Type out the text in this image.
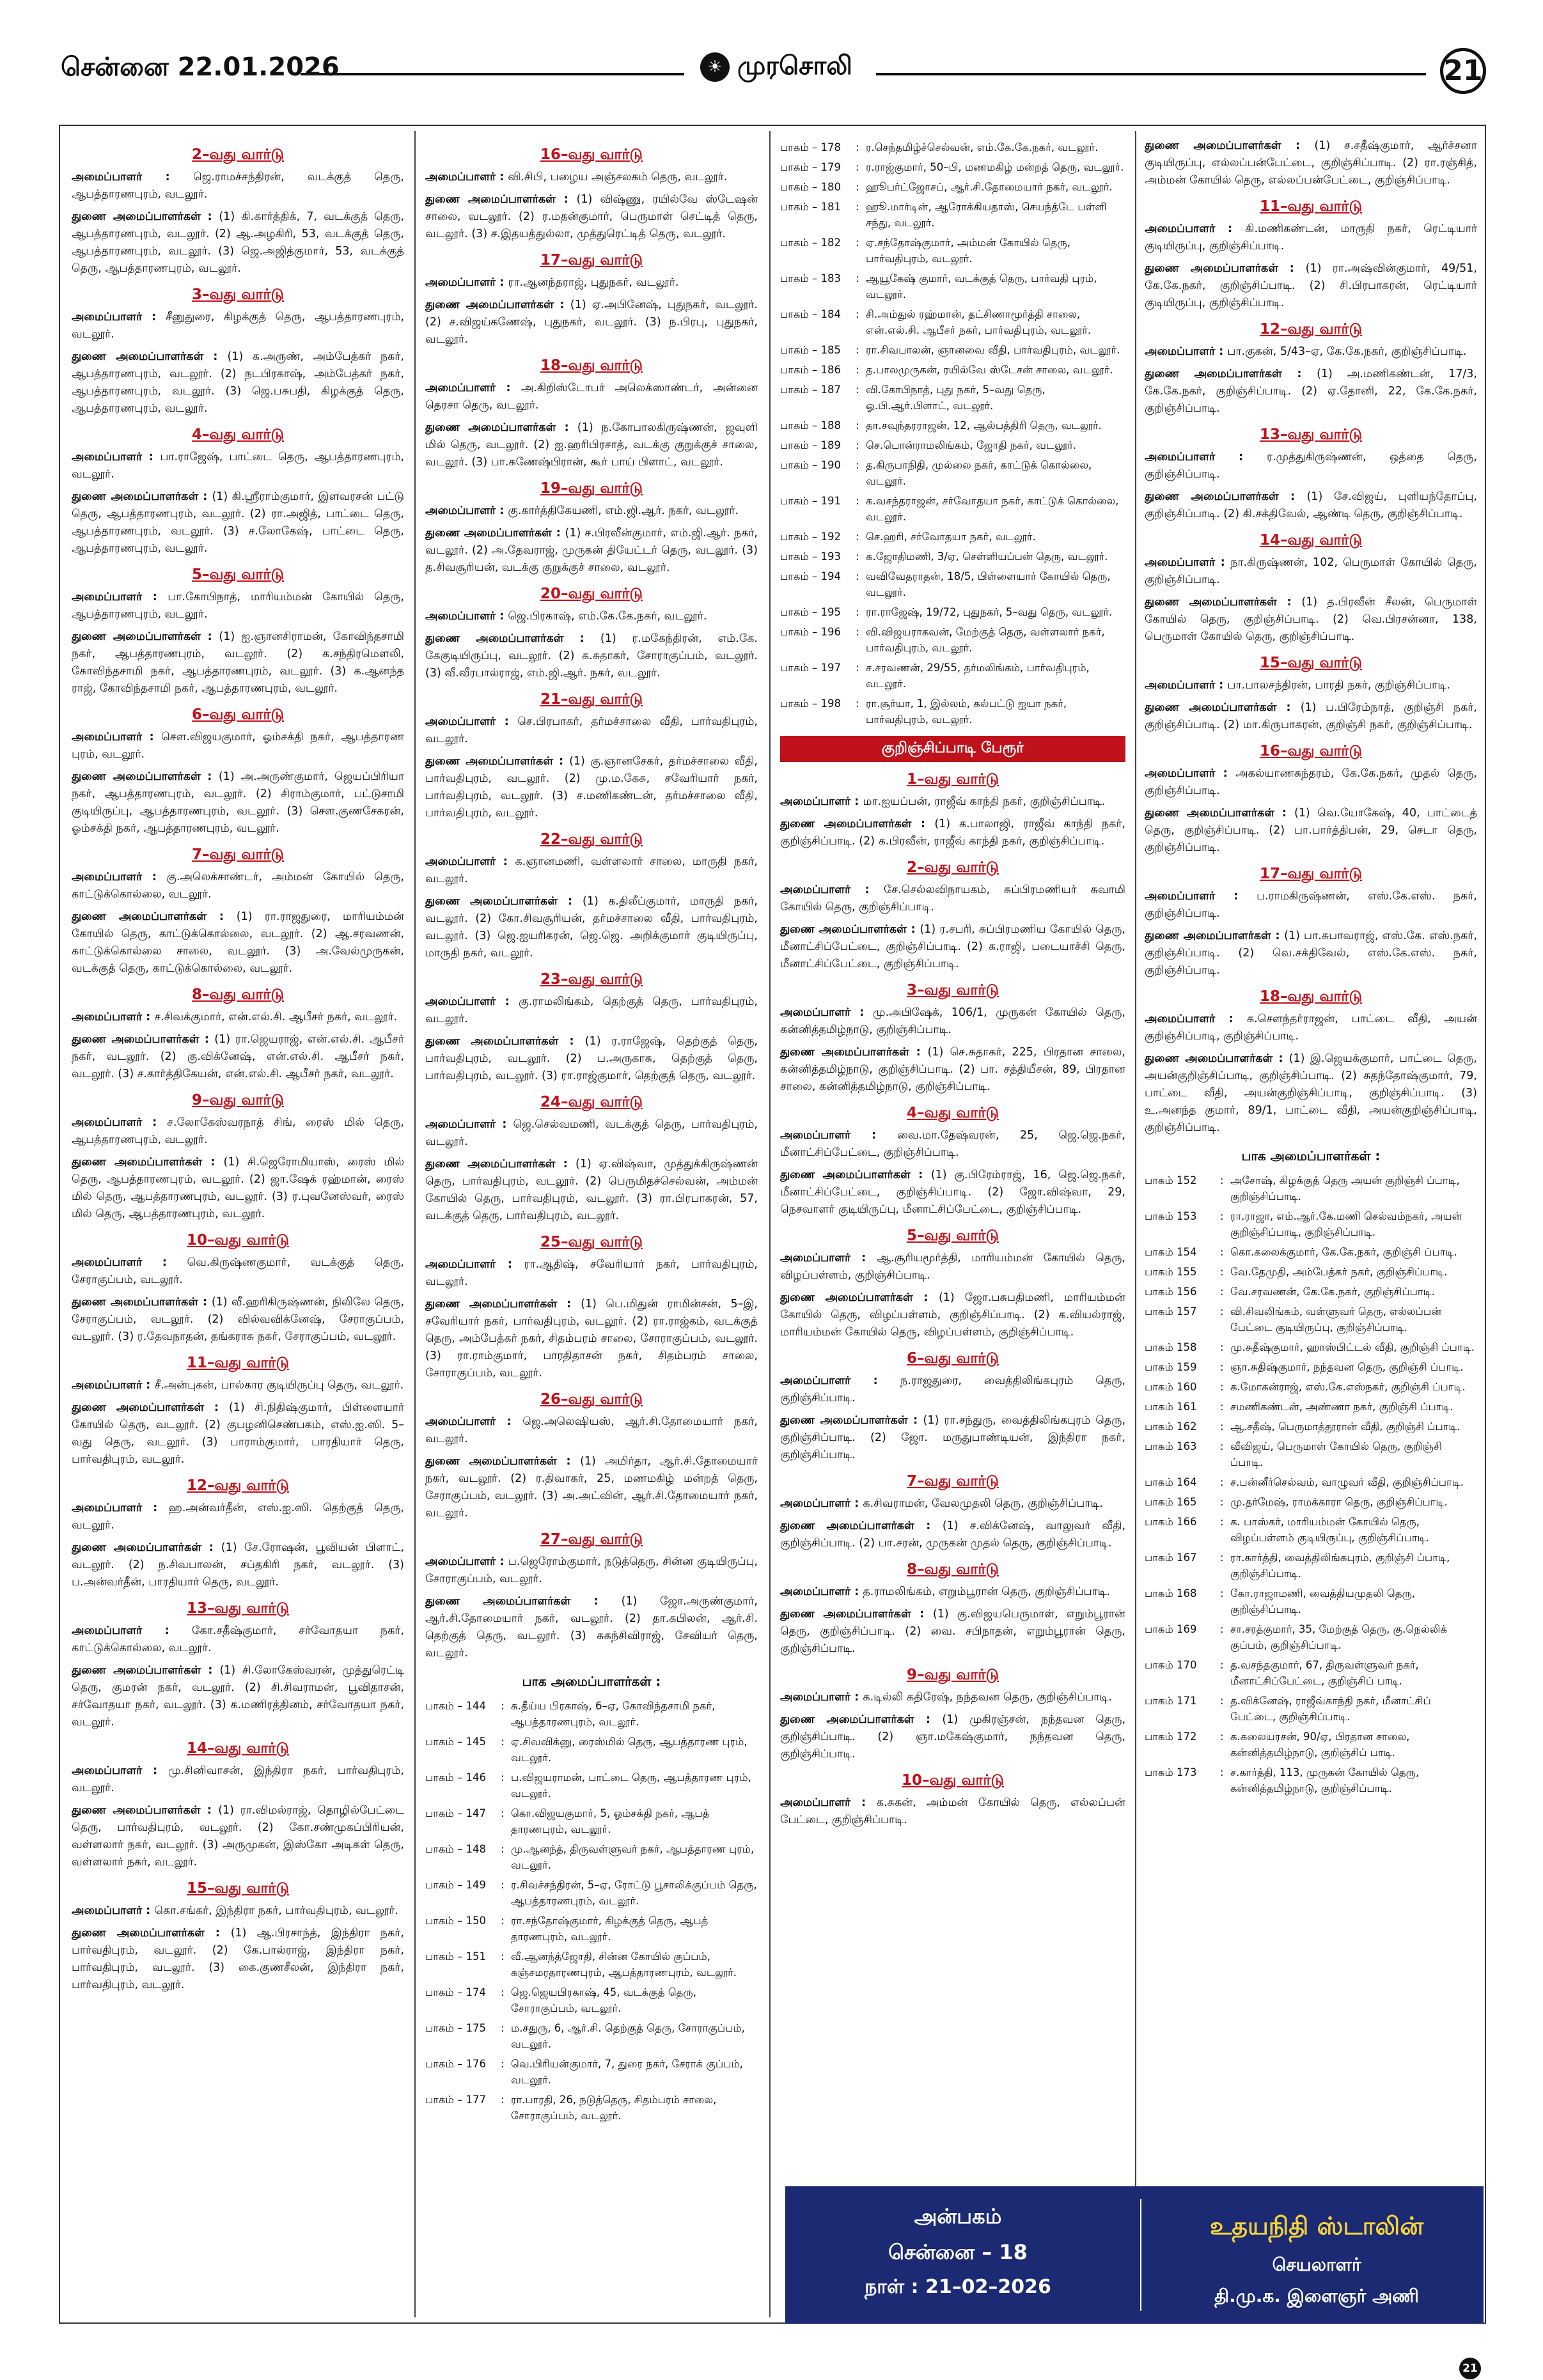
சென்னை 22.01.2026	☀ முரசொலி	21
2–வது வார்டு
அமைப்பாளர் : ஜெ.ராமச்சந்திரன், வடக்குத் தெரு, ஆபத்தாரணபுரம், வடலூர்.
துணை அமைப்பாளர்கள் : (1) கி.கார்த்திக், 7, வடக்குத் தெரு, ஆபத்தாரணபுரம், வடலூர். (2) ஆ.அழகிரி, 53, வடக்குத் தெரு, ஆபத்தாரணபுரம், வடலூர். (3) ஜெ.அஜித்குமார், 53, வடக்குத் தெரு, ஆபத்தாரணபுரம், வடலூர்.
3–வது வார்டு
அமைப்பாளர் : சீனுதுரை, கிழக்குத் தெரு, ஆபத்தாரணபுரம், வடலூர்.
துணை அமைப்பாளர்கள் : (1) க.அருண், அம்பேத்கர் நகர், ஆபத்தாரணபுரம், வடலூர். (2) நடபிரகாஷ், அம்பேத்கர் நகர், ஆபத்தாரணபுரம், வடலூர். (3) ஜெ.பசுபதி, கிழக்குத் தெரு, ஆபத்தாரணபுரம், வடலூர்.
4–வது வார்டு
அமைப்பாளர் : பா.ராஜேஷ், பாட்டை தெரு, ஆபத்தாரணபுரம், வடலூர்.
துணை அமைப்பாளர்கள் : (1) கி.ஸ்ரீராம்குமார், இளவரசன் பட்டு தெரு, ஆபத்தாரணபுரம், வடலூர். (2) ரா.அஜித், பாட்டை தெரு, ஆபத்தாரணபுரம், வடலூர். (3) ச.லோகேஷ், பாட்டை தெரு, ஆபத்தாரணபுரம், வடலூர்.
5–வது வார்டு
அமைப்பாளர் : பா.கோபிநாத், மாரியம்மன் கோயில் தெரு, ஆபத்தாரணபுரம், வடலூர்.
துணை அமைப்பாளர்கள் : (1) ஐ.ஞானசிராமன், கோவிந்தசாமி நகர், ஆபத்தாரணபுரம், வடலூர். (2) க.சந்திரமௌலி, கோவிந்தசாமி நகர், ஆபத்தாரணபுரம், வடலூர். (3) க.ஆனந்த ராஜ், கோவிந்தசாமி நகர், ஆபத்தாரணபுரம், வடலூர்.
6–வது வார்டு
அமைப்பாளர் : செள.விஜயகுமார், ஓம்சக்தி நகர், ஆபத்தாரண புரம், வடலூர்.
துணை அமைப்பாளர்கள் : (1) அ.அருண்குமார், ஜெயப்பிரியா நகர், ஆபத்தாரணபுரம், வடலூர். (2) சிராம்குமார், பட்டுசாமி குடியிருப்பு, ஆபத்தாரணபுரம், வடலூர். (3) செள.குணசேகரன், ஓம்சக்தி நகர், ஆபத்தாரணபுரம், வடலூர்.
7–வது வார்டு
அமைப்பாளர் : கு.அலெக்சாண்டர், அம்மன் கோயில் தெரு, காட்டுக்கொல்லை, வடலூர்.
துணை அமைப்பாளர்கள் : (1) ரா.ராஜதுரை, மாரியம்மன் கோயில் தெரு, காட்டுக்கொல்லை, வடலூர். (2) ஆ.சரவணன், காட்டுக்கொல்லை சாலை, வடலூர். (3) அ.வேல்முருகன், வடக்குத் தெரு, காட்டுக்கொல்லை, வடலூர்.
8–வது வார்டு
அமைப்பாளர் : ச.சிவக்குமார், என்.எல்.சி. ஆபீசர் நகர், வடலூர்.
துணை அமைப்பாளர்கள் : (1) ரா.ஜெயராஜ், என்.எல்.சி. ஆபீசர் நகர், வடலூர். (2) கு.விக்னேஷ், என்.எல்.சி. ஆபீசர் நகர், வடலூர். (3) ச.கார்த்திகேயன், என்.எல்.சி. ஆபீசர் நகர், வடலூர்.
9–வது வார்டு
அமைப்பாளர் : ச.லோகேஸ்வரநாத் சிங், ரைஸ் மில் தெரு, ஆபத்தாரணபுரம், வடலூர்.
துணை அமைப்பாளர்கள் : (1) சி.ஜெரோமியாஸ், ரைஸ் மில் தெரு, ஆபத்தாரணபுரம், வடலூர். (2) ஜா.ஷேக் ரஹ்மான், ரைஸ் மில் தெரு, ஆபத்தாரணபுரம், வடலூர். (3) ர.புவனேஸ்வர், ரைஸ் மில் தெரு, ஆபத்தாரணபுரம், வடலூர்.
10–வது வார்டு
அமைப்பாளர் : வெ.கிருஷ்ணகுமார், வடக்குத் தெரு, சேராகுப்பம், வடலூர்.
துணை அமைப்பாளர்கள் : (1) வீ.ஹரிகிருஷ்ணன், நிலிலே தெரு, சேராகுப்பம், வடலூர். (2) வில்வவிக்னேஷ், சேராகுப்பம், வடலூர். (3) ர.தேவநாதன், தங்கராசு நகர், சேராகுப்பம், வடலூர்.
11–வது வார்டு
அமைப்பாளர் : சீ.அன்புகன், பால்கார குடியிருப்பு தெரு, வடலூர்.
துணை அமைப்பாளர்கள் : (1) சி.நிதிஷ்குமார், பிள்ளையார் கோயில் தெரு, வடலூர். (2) குபழனிசெண்பகம், எஸ்.ஐ.ஸி. 5–வது தெரு, வடலூர். (3) பாராம்குமார், பாரதியார் தெரு, பார்வதிபுரம், வடலூர்.
12–வது வார்டு
அமைப்பாளர் : ஹ.அன்வர்தீன், எஸ்.ஐ.ஸி. தெற்குத் தெரு, வடலூர்.
துணை அமைப்பாளர்கள் : (1) சே.ரோஷன், பூவியன் பிளாட், வடலூர். (2) ந.சிவபாலன், சப்தகிரி நகர், வடலூர். (3) ப.அன்வர்தீன், பாரதியார் தெரு, வடலூர்.
13–வது வார்டு
அமைப்பாளர் : கோ.சதீஷ்குமார், சர்வோதயா நகர், காட்டுக்கொல்லை, வடலூர்.
துணை அமைப்பாளர்கள் : (1) சி.லோகேஸ்வரன், முத்துரெட்டி தெரு, குமரன் நகர், வடலூர். (2) சி.சிவராமன், பூவிதாசன், சர்வோதயா நகர், வடலூர். (3) க.மணிரத்தினம், சர்வோதயா நகர், வடலூர்.
14–வது வார்டு
அமைப்பாளர் : மு.சினிவாசன், இந்திரா நகர், பார்வதிபுரம், வடலூர்.
துணை அமைப்பாளர்கள் : (1) ரா.விமல்ராஜ், தொழில்பேட்டை தெரு, பார்வதிபுரம், வடலூர். (2) கோ.சண்முகப்பிரியன், வள்ளலார் நகர், வடலூர். (3) அருமுகன், இஸ்கோ அடிகள் தெரு, வள்ளலார் நகர், வடலூர்.
15–வது வார்டு
அமைப்பாளர் : கொ.சங்கர், இந்திரா நகர், பார்வதிபுரம், வடலூர்.
துணை அமைப்பாளர்கள் : (1) ஆ.பிரசாந்த், இந்திரா நகர், பார்வதிபுரம், வடலூர். (2) கே.பால்ராஜ், இந்திரா நகர், பார்வதிபுரம், வடலூர். (3) கை.குணசீலன், இந்திரா நகர், பார்வதிபுரம், வடலூர்.
16–வது வார்டு
அமைப்பாளர் : வி.சிபி, பழைய அஞ்சலகம் தெரு, வடலூர்.
துணை அமைப்பாளர்கள் : (1) விஷ்ணு, ரயில்வே ஸ்டேஷன் சாலை, வடலூர். (2) ர.மதன்குமார், பெருமாள் செட்டித் தெரு, வடலூர். (3) ச.இதயத்துல்லா, முத்துரெட்டித் தெரு, வடலூர்.
17–வது வார்டு
அமைப்பாளர் : ரா.ஆனந்தராஜ், புதுநகர், வடலூர்.
துணை அமைப்பாளர்கள் : (1) ஏ.அபினேஷ், புதுநகர், வடலூர். (2) ச.விஜய்கணேஷ், புதுநகர், வடலூர். (3) ந.பிரபு, புதுநகர், வடலூர்.
18–வது வார்டு
அமைப்பாளர் : அ.கிறிஸ்டோபர் அலெக்ஸாண்டர், அன்னை தெரசா தெரு, வடலூர்.
துணை அமைப்பாளர்கள் : (1) ந.கோபாலகிருஷ்ணன், ஜவுளி மில் தெரு, வடலூர். (2) ஐ.ஹரிபிரசாத், வடக்கு குறுக்குச் சாலை, வடலூர். (3) பா.கணேஷ்பிரான், கூர் பாய் பிளாட், வடலூர்.
19–வது வார்டு
அமைப்பாளர் : கு.கார்த்திகேயணி, எம்.ஜி.ஆர். நகர், வடலூர்.
துணை அமைப்பாளர்கள் : (1) ச.பிரவீன்குமார், எம்.ஜி.ஆர். நகர், வடலூர். (2) அ.தேவராஜ், முருகன் தியேட்டர் தெரு, வடலூர். (3) த.சிவசூரியன், வடக்கு குறுக்குச் சாலை, வடலூர்.
20–வது வார்டு
அமைப்பாளர் : ஜெ.பிரகாஷ், எம்.கே.கே.நகர், வடலூர்.
துணை அமைப்பாளர்கள் : (1) ர.மகேந்திரன், எம்.கே. கேகுடியிருப்பு, வடலூர். (2) க.சுதாகர், சோராகுப்பம், வடலூர். (3) வீ.வீரபால்ராஜ், எம்.ஜி.ஆர். நகர், வடலூர்.
21–வது வார்டு
அமைப்பாளர் : செ.பிரபாகர், தர்மச்சாலை வீதி, பார்வதிபுரம், வடலூர்.
துணை அமைப்பாளர்கள் : (1) கு.ஞானசேகர், தர்மச்சாலை வீதி, பார்வதிபுரம், வடலூர். (2) மு.ம.கேசு, சவேரியார் நகர், பார்வதிபுரம், வடலூர். (3) ச.மணிகண்டன், தர்மச்சாலை வீதி, பார்வதிபுரம், வடலூர்.
22–வது வார்டு
அமைப்பாளர் : க.ஞானமணி, வள்ளலார் சாலை, மாருதி நகர், வடலூர்.
துணை அமைப்பாளர்கள் : (1) க.திலீப்குமார், மாருதி நகர், வடலூர். (2) கோ.சிவசூரியன், தர்மச்சாலை வீதி, பார்வதிபுரம், வடலூர். (3) ஜெ.ஐயரிகரன், ஜெ.ஜெ. அறிக்குமார் குடியிருப்பு, மாருதி நகர், வடலூர்.
23–வது வார்டு
அமைப்பாளர் : கு.ராமலிங்கம், தெற்குத் தெரு, பார்வதிபுரம், வடலூர்.
துணை அமைப்பாளர்கள் : (1) ர.ராஜேஷ், தெற்குத் தெரு, பார்வதிபுரம், வடலூர். (2) ப.அருகாசு, தெற்குத் தெரு, பார்வதிபுரம், வடலூர். (3) ரா.ராஜ்குமார், தெற்குத் தெரு, வடலூர்.
24–வது வார்டு
அமைப்பாளர் : ஜெ.செல்வமணி, வடக்குத் தெரு, பார்வதிபுரம், வடலூர்.
துணை அமைப்பாளர்கள் : (1) ஏ.விஷ்வா, முத்துக்கிருஷ்ணன் தெரு, பார்வதிபுரம், வடலூர். (2) பெருமிதச்செல்வன், அம்மன் கோயில் தெரு, பார்வதிபுரம், வடலூர். (3) ரா.பிரபாகரன், 57, வடக்குத் தெரு, பார்வதிபுரம், வடலூர்.
25–வது வார்டு
அமைப்பாளர் : ரா.ஆதிஷ், சவேரியார் நகர், பார்வதிபுரம், வடலூர்.
துணை அமைப்பாளர்கள் : (1) பெ.மிதுன் ராமின்சன், 5–இ, சவேரியார் நகர், பார்வதிபுரம், வடலூர். (2) ரா.ராஜ்கம், வடக்குத் தெரு, அம்பேத்கர் நகர், சிதம்பரம் சாலை, சோராகுப்பம், வடலூர். (3) ரா.ராம்குமார், பாரதிதாசன் நகர், சிதம்பரம் சாலை, சோராகுப்பம், வடலூர்.
26–வது வார்டு
அமைப்பாளர் : ஜெ.அலெஷியஸ், ஆர்.சி.தோமையார் நகர், வடலூர்.
துணை அமைப்பாளர்கள் : (1) அமிர்தா, ஆர்.சி.தோமையார் நகர், வடலூர். (2) ர.திவாகர், 25, மணமகிழ் மன்றத் தெரு, சேராகுப்பம், வடலூர். (3) அ.அட்வின், ஆர்.சி.தோமையார் நகர், வடலூர்.
27–வது வார்டு
அமைப்பாளர் : ப.ஜெரோம்குமார், நடுத்தெரு, சின்ன குடியிருப்பு, சோராகுப்பம், வடலூர்.
துணை அமைப்பாளர்கள் : (1) ஜோ.அருண்குமார், ஆர்.சி.தோமையார் நகர், வடலூர். (2) தா.கபிலன், ஆர்.சி. தெற்குத் தெரு, வடலூர். (3) சுகந்சிவிராஜ், சேவியர் தெரு, வடலூர்.
பாக அமைப்பாளர்கள் :
பாகம் – 144	:	சு.தீய்ய பிரகாஷ், 6–ஏ, கோவிந்தசாமி நகர், ஆபத்தாரணபுரம், வடலூர்.
பாகம் – 145	:	ஏ.சிவவிக்னு, ரைஸ்மில் தெரு, ஆபத்தாரண புரம், வடலூர்.
பாகம் – 146	:	ப.விஜயராமன், பாட்டை தெரு, ஆபத்தாரண புரம், வடலூர்.
பாகம் – 147	:	கொ.விஜயகுமார், 5, ஓம்சக்தி நகர், ஆபத் தாரணபுரம், வடலூர்.
பாகம் – 148	:	மு.ஆனந்த், திருவள்ளுவர் நகர், ஆபத்தாரண புரம், வடலூர்.
பாகம் – 149	:	ர.சிவச்சந்திரன், 5–ஏ, ரோட்டு பூசாலிக்குப்பம் தெரு, ஆபத்தாரணபுரம், வடலூர்.
பாகம் – 150	:	ரா.சந்தோஷ்குமார், கிழக்குத் தெரு, ஆபத் தாரணபுரம், வடலூர்.
பாகம் – 151	:	வீ.ஆனந்த்ஜோதி, சின்ன கோயில் குப்பம், கஞ்சமரதாரணபுரம், ஆபத்தாரணபுரம், வடலூர்.
பாகம் – 174	:	ஜெ.ஜெயபிரகாஷ், 45, வடக்குத் தெரு, சோராகுப்பம், வடலூர்.
பாகம் – 175	:	ம.சதுரு, 6, ஆர்.சி. தெற்குத் தெரு, சோராகுப்பம், வடலூர்.
பாகம் – 176	:	வெ.பிரியன்குமார், 7, துரை நகர், சேராக் குப்பம், வடலூர்.
பாகம் – 177	:	ரா.பாரதி, 26, நடுத்தெரு, சிதம்பரம் சாலை, சோராகுப்பம், வடலூர்.
பாகம் – 178	:	ர.செந்தமிழ்ச்செல்வன், எம்.கே.கே.நகர், வடலூர்.
பாகம் – 179	:	ர.ராஜ்குமார், 50–பி, மணமகிழ் மன்றத் தெரு, வடலூர்.
பாகம் – 180	:	ஹூபர்ட்ஜோசப், ஆர்.சி.தோமையார் நகர், வடலூர்.
பாகம் – 181	:	ஹூ.மார்டின், ஆரோக்கியதாஸ், செயந்த்டே பள்ளி சந்து, வடலூர்.
பாகம் – 182	:	ஏ.சந்தோஷ்குமார், அம்மன் கோயில் தெரு, பார்வதிபுரம், வடலூர்.
பாகம் – 183	:	ஆயூகேஷ் குமார், வடக்குத் தெரு, பார்வதி புரம், வடலூர்.
பாகம் – 184	:	சி.அம்துல் ரஹ்மான், தட்சிணாமூர்த்தி சாலை, என்.எல்.சி. ஆபீசர் நகர், பார்வதிபுரம், வடலூர்.
பாகம் – 185	:	ரா.சிவபாலன், ஞானவை வீதி, பார்வதிபுரம், வடலூர்.
பாகம் – 186	:	த.பாலமுருகன், ரயில்வே ஸ்டேசன் சாலை, வடலூர்.
பாகம் – 187	:	வி.கோபிநாத், புது நகர், 5–வது தெரு, ஓ.பி.ஆர்.பிளாட், வடலூர்.
பாகம் – 188	:	தா.சவுந்தரராஜன், 12, ஆல்பத்திரி தெரு, வடலூர்.
பாகம் – 189	:	செ.பொன்ராமலிங்கம், ஜோதி நகர், வடலூர்.
பாகம் – 190	:	த.கிருபாநிதி, முல்லை நகர், காட்டுக் கொல்லை, வடலூர்.
பாகம் – 191	:	க.வசந்தராஜன், சர்வோதயா நகர், காட்டுக் கொல்லை, வடலூர்.
பாகம் – 192	:	செ.ஹரி, சர்வோதயா நகர், வடலூர்.
பாகம் – 193	:	க.ஜோதிமணி, 3/ஏ, செள்ளியப்பன் தெரு, வடலூர்.
பாகம் – 194	:	வவிவேதராதன், 18/5, பிள்ளையார் கோயில் தெரு, வடலூர்.
பாகம் – 195	:	ரா.ராஜேஷ், 19/72, புதுநகர், 5–வது தெரு, வடலூர்.
பாகம் – 196	:	வி.விஜயராகவன், மேற்குத் தெரு, வள்ளலார் நகர், பார்வதிபுரம், வடலூர்.
பாகம் – 197	:	ச.சரவணன், 29/55, தர்மலிங்கம், பார்வதிபுரம், வடலூர்.
பாகம் – 198	:	ரா.சூர்யா, 1, இல்லம், கல்பட்டு ஐயா நகர், பார்வதிபுரம், வடலூர்.
குறிஞ்சிப்பாடி பேரூர்
1–வது வார்டு
அமைப்பாளர் : மா.ஐயப்பன், ராஜீவ் காந்தி நகர், குறிஞ்சிப்பாடி.
துணை அமைப்பாளர்கள் : (1) க.பாலாஜி, ராஜீவ் காந்தி நகர், குறிஞ்சிப்பாடி. (2) க.பிரவீன், ராஜீவ் காந்தி நகர், குறிஞ்சிப்பாடி.
2–வது வார்டு
அமைப்பாளர் : சே.செல்லவிநாயகம், சுப்பிரமணியர் சுவாமி கோயில் தெரு, குறிஞ்சிப்பாடி.
துணை அமைப்பாளர்கள் : (1) ர.சபரி, சுப்பிரமணிய கோயில் தெரு, மீனாட்சிப்பேட்டை, குறிஞ்சிப்பாடி. (2) க.ராஜி, படையாச்சி தெரு, மீனாட்சிப்பேட்டை, குறிஞ்சிப்பாடி.
3–வது வார்டு
அமைப்பாளர் : மு.அபிஷேக், 106/1, முருகன் கோயில் தெரு, கன்னித்தமிழ்நாடு, குறிஞ்சிப்பாடி.
துணை அமைப்பாளர்கள் : (1) செ.சுதாகர், 225, பிரதான சாலை, கன்னித்தமிழ்நாடு, குறிஞ்சிப்பாடி. (2) பா. சத்தியீசன், 89, பிரதான சாலை, கன்னித்தமிழ்நாடு, குறிஞ்சிப்பாடி.
4–வது வார்டு
அமைப்பாளர் : வை.மா.தேஷ்வரன், 25, ஜெ.ஜெ.நகர், மீனாட்சிப்பேட்டை, குறிஞ்சிப்பாடி.
துணை அமைப்பாளர்கள் : (1) கு.பிரேம்ராஜ், 16, ஜெ.ஜெ.நகர், மீனாட்சிப்பேட்டை, குறிஞ்சிப்பாடி. (2) ஜோ.விஷ்வா, 29, நெசவாளர் குடியிருப்பு, மீனாட்சிப்பேட்டை, குறிஞ்சிப்பாடி.
5–வது வார்டு
அமைப்பாளர் : ஆ.சூரியமூர்த்தி, மாரியம்மன் கோயில் தெரு, விழப்பள்ளம், குறிஞ்சிப்பாடி.
துணை அமைப்பாளர்கள் : (1) ஜோ.பசுபதிமணி, மாரியம்மன் கோயில் தெரு, விழப்பள்ளம், குறிஞ்சிப்பாடி. (2) க.வியல்ராஜ், மாரியம்மன் கோயில் தெரு, விழப்பள்ளம், குறிஞ்சிப்பாடி.
6–வது வார்டு
அமைப்பாளர் : ந.ராஜதுரை, வைத்திலிங்கபுரம் தெரு, குறிஞ்சிப்பாடி.
துணை அமைப்பாளர்கள் : (1) ரா.சந்துரு, வைத்திலிங்கபுரம் தெரு, குறிஞ்சிப்பாடி. (2) ஜோ. மருதுபாண்டியன், இந்திரா நகர், குறிஞ்சிப்பாடி.
7–வது வார்டு
அமைப்பாளர் : க.சிவராமன், வேலமுதலி தெரு, குறிஞ்சிப்பாடி.
துணை அமைப்பாளர்கள் : (1) ச.விக்னேஷ், வாலுவர் வீதி, குறிஞ்சிப்பாடி. (2) பா.சரன், முருகன் முதல் தெரு, குறிஞ்சிப்பாடி.
8–வது வார்டு
அமைப்பாளர் : த.ராமலிங்கம், எறும்பூரான் தெரு, குறிஞ்சிப்பாடி.
துணை அமைப்பாளர்கள் : (1) கு.விஜயபெருமாள், எறும்பூரான் தெரு, குறிஞ்சிப்பாடி. (2) வை. சபிநாதன், எறும்பூரான் தெரு, குறிஞ்சிப்பாடி.
9–வது வார்டு
அமைப்பாளர் : க.டில்லி கதிரேஷ், நந்தவன தெரு, குறிஞ்சிப்பாடி.
துணை அமைப்பாளர்கள் : (1) முகிரஞ்சன், நந்தவன தெரு, குறிஞ்சிப்பாடி. (2) ஞா.மகேஷ்குமார், நந்தவன தெரு, குறிஞ்சிப்பாடி.
10–வது வார்டு
அமைப்பாளர் : க.சுகன், அம்மன் கோயில் தெரு, எல்லப்பன் பேட்டை, குறிஞ்சிப்பாடி.
துணை அமைப்பாளர்கள் : (1) ச.சதீஷ்குமார், ஆர்ச்சனா குடியிருப்பு, எல்லப்பன்பேட்டை, குறிஞ்சிப்பாடி. (2) ரா.ரஞ்சித், அம்மன் கோயில் தெரு, எல்லப்பன்பேட்டை, குறிஞ்சிப்பாடி.
11–வது வார்டு
அமைப்பாளர் : கி.மணிகண்டன், மாருதி நகர், ரெட்டியார் குடியிருப்பு, குறிஞ்சிப்பாடி.
துணை அமைப்பாளர்கள் : (1) ரா.அஷ்வின்குமார், 49/51, கே.கே.நகர், குறிஞ்சிப்பாடி. (2) சி.பிரபாகரன், ரெட்டியார் குடியிருப்பு, குறிஞ்சிப்பாடி.
12–வது வார்டு
அமைப்பாளர் : பா.குகன், 5/43–ஏ, கே.கே.நகர், குறிஞ்சிப்பாடி.
துணை அமைப்பாளர்கள் : (1) அ.மணிகண்டன், 17/3, கே.கே.நகர், குறிஞ்சிப்பாடி. (2) ஏ.தோனி, 22, கே.கே.நகர், குறிஞ்சிப்பாடி.
13–வது வார்டு
அமைப்பாளர் : ர.முத்துகிருஷ்ணன், ஒத்தை தெரு, குறிஞ்சிப்பாடி.
துணை அமைப்பாளர்கள் : (1) சே.விஜய், புளியந்தோப்பு, குறிஞ்சிப்பாடி. (2) கி.சக்திவேல், ஆண்டி தெரு, குறிஞ்சிப்பாடி.
14–வது வார்டு
அமைப்பாளர் : நா.கிருஷ்ணன், 102, பெருமாள் கோயில் தெரு, குறிஞ்சிப்பாடி.
துணை அமைப்பாளர்கள் : (1) த.பிரவீன் சீலன், பெருமாள் கோயில் தெரு, குறிஞ்சிப்பாடி. (2) வெ.பிரசன்னா, 138, பெருமாள் கோயில் தெரு, குறிஞ்சிப்பாடி.
15–வது வார்டு
அமைப்பாளர் : பா.பாலசந்திரன், பாரதி நகர், குறிஞ்சிப்பாடி.
துணை அமைப்பாளர்கள் : (1) ப.பிரேம்நாத், குறிஞ்சி நகர், குறிஞ்சிப்பாடி. (2) மா.கிருபாகரன், குறிஞ்சி நகர், குறிஞ்சிப்பாடி.
16–வது வார்டு
அமைப்பாளர் : அகல்யாணசுந்தரம், கே.கே.நகர், முதல் தெரு, குறிஞ்சிப்பாடி.
துணை அமைப்பாளர்கள் : (1) வெ.யோகேஷ், 40, பாட்டைத் தெரு, குறிஞ்சிப்பாடி. (2) பா.பார்த்திபன், 29, செடா தெரு, குறிஞ்சிப்பாடி.
17–வது வார்டு
அமைப்பாளர் : ப.ராமகிருஷ்ணன், எஸ்.கே.எஸ். நகர், குறிஞ்சிப்பாடி.
துணை அமைப்பாளர்கள் : (1) பா.சுபாவராஜ், எஸ்.கே. எஸ்.நகர், குறிஞ்சிப்பாடி. (2) வெ.சக்திவேல், எஸ்.கே.எஸ். நகர், குறிஞ்சிப்பாடி.
18–வது வார்டு
அமைப்பாளர் : க.செளந்தர்ராஜன், பாட்டை வீதி, அயன் குறிஞ்சிப்பாடி, குறிஞ்சிப்பாடி.
துணை அமைப்பாளர்கள் : (1) இ.ஜெயக்குமார், பாட்டை தெரு, அயன்குறிஞ்சிப்பாடி, குறிஞ்சிப்பாடி. (2) சுதந்தோஷ்குமார், 79, பாட்டை வீதி, அயன்குறிஞ்சிப்பாடி, குறிஞ்சிப்பாடி. (3) உ.அனந்த குமார், 89/1, பாட்டை வீதி, அயன்குறிஞ்சிப்பாடி, குறிஞ்சிப்பாடி.
பாக அமைப்பாளர்கள் :
பாகம் 152	:	அசோஷ், கிழக்குத் தெரு அயன் குறிஞ்சி ப்பாடி, குறிஞ்சிப்பாடி.
பாகம் 153	:	ரா.ராஜா, எம்.ஆர்.கே.மணி செல்வம்நகர், அயன் குறிஞ்சிப்பாடி, குறிஞ்சிப்பாடி.
பாகம் 154	:	கொ.கலைக்குமார், கே.கே.நகர், குறிஞ்சி ப்பாடி.
பாகம் 155	:	வே.தேமுதி, அம்பேத்கர் நகர், குறிஞ்சிப்பாடி.
பாகம் 156	:	வே.சரவணன், கே.கே.நகர், குறிஞ்சிப்பாடி.
பாகம் 157	:	வி.சிவலிங்கம், வள்ளுவர் தெரு, எல்லப்பன் பேட்டை குடியிருப்பு, குறிஞ்சிப்பாடி.
பாகம் 158	:	மு.சுதீஷ்குமார், ஹாஸ்பிட்டல் வீதி, குறிஞ்சி ப்பாடி.
பாகம் 159	:	ஞா.சுதிஷ்குமார், நந்தவன தெரு, குறிஞ்சி ப்பாடி.
பாகம் 160	:	க.மோகன்ராஜ், எஸ்.கே.எஸ்நகர், குறிஞ்சி ப்பாடி.
பாகம் 161	:	சமணிகண்டன், அண்ணா நகர், குறிஞ்சி ப்பாடி.
பாகம் 162	:	ஆ.சதீஷ், பெருமாத்தூரான் வீதி, குறிஞ்சி ப்பாடி.
பாகம் 163	:	வீவிஜய், பெருமாள் கோயில் தெரு, குறிஞ்சி ப்பாடி.
பாகம் 164	:	ச.பன்னீர்செல்வம், வாழுவர் வீதி, குறிஞ்சிப்பாடி.
பாகம் 165	:	மு.தர்மேஷ், ராமக்காரா தெரு, குறிஞ்சிப்பாடி.
பாகம் 166	:	க. பாஸ்கர், மாரியம்மன் கோயில் தெரு, விழப்பள்ளம் குடியிருப்பு, குறிஞ்சிப்பாடி.
பாகம் 167	:	ரா.கார்த்தி, வைத்திலிங்கபுரம், குறிஞ்சி ப்பாடி, குறிஞ்சிப்பாடி.
பாகம் 168	:	கோ.ராஜாமணி, வைத்தியமுதலி தெரு, குறிஞ்சிப்பாடி.
பாகம் 169	:	சா.சரத்குமார், 35, மேற்குத் தெரு, கு.நெல்லிக் குப்பம், குறிஞ்சிப்பாடி.
பாகம் 170	:	த.வசந்தகுமார், 67, திருவள்ளுவர் நகர், மீனாட்சிப்பேட்டை, குறிஞ்சிப் பாடி.
பாகம் 171	:	த.விக்னேஷ், ராஜீவ்காந்தி நகர், மீனாட்சிப் பேட்டை, குறிஞ்சிப்பாடி.
பாகம் 172	:	க.கலையரசன், 90/ஏ, பிரதான சாலை, கன்னித்தமிழ்நாடு, குறிஞ்சிப் பாடி.
பாகம் 173	:	ச.கார்த்தி, 113, முருகன் கோயில் தெரு, கன்னித்தமிழ்நாடு, குறிஞ்சிப்பாடி.
அன்பகம்
சென்னை – 18
நாள் : 21–02–2026
உதயநிதி ஸ்டாலின்
செயலாளர்
தி.மு.க. இளைஞர் அணி
21
